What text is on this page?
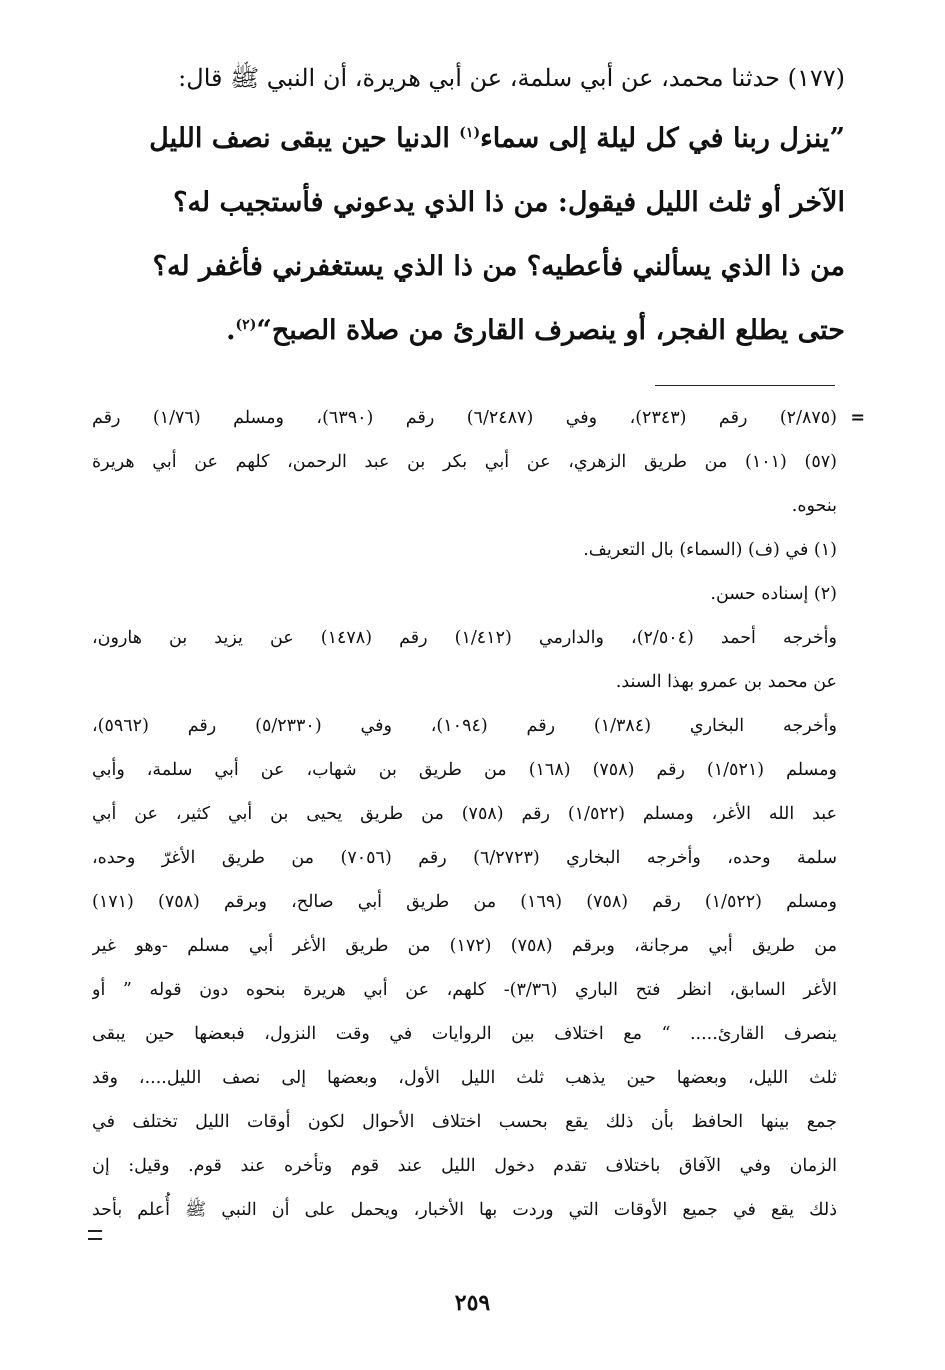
(١٧٧) حدثنا محمد، عن أبي سلمة، عن أبي هريرة، أن النبي ﷺ قال:
”ينزل ربنا في كل ليلة إلى سماء$^{(١)}$ الدنيا حين يبقى نصف الليل
الآخر أو ثلث الليل فيقول: من ذا الذي يدعوني فأستجيب له؟
من ذا الذي يسألني فأعطيه؟ من ذا الذي يستغفرني فأغفر له؟
حتى يطلع الفجر، أو ينصرف القارئ من صلاة الصبح“$^{(٢)}$.
=
(٢/٨٧٥) رقم (٢٣٤٣)، وفي (٦/٢٤٨٧) رقم (٦٣٩٠)، ومسلم (١/٧٦) رقم
(٥٧) (١٠١) من طريق الزهري، عن أبي بكر بن عبد الرحمن، كلهم عن أبي هريرة
بنحوه.
(١) في (ف) (السماء) بال التعريف.
(٢) إسناده حسن.
وأخرجه أحمد (٢/٥٠٤)، والدارمي (١/٤١٢) رقم (١٤٧٨) عن يزيد بن هارون،
عن محمد بن عمرو بهذا السند.
وأخرجه البخاري (١/٣٨٤) رقم (١٠٩٤)، وفي (٥/٢٣٣٠) رقم (٥٩٦٢)،
ومسلم (١/٥٢١) رقم (٧٥٨) (١٦٨) من طريق بن شهاب، عن أبي سلمة، وأبي
عبد الله الأغر، ومسلم (١/٥٢٢) رقم (٧٥٨) من طريق يحيى بن أبي كثير، عن أبي
سلمة وحده، وأخرجه البخاري (٦/٢٧٢٣) رقم (٧٠٥٦) من طريق الأغرّ وحده،
ومسلم (١/٥٢٢) رقم (٧٥٨) (١٦٩) من طريق أبي صالح، وبرقم (٧٥٨) (١٧١)
من طريق أبي مرجانة، وبرقم (٧٥٨) (١٧٢) من طريق الأغر أبي مسلم -وهو غير
الأغر السابق، انظر فتح الباري (٣/٣٦)- كلهم، عن أبي هريرة بنحوه دون قوله ” أو
ينصرف القارئ..... “ مع اختلاف بين الروايات في وقت النزول، فبعضها حين يبقى
ثلث الليل، وبعضها حين يذهب ثلث الليل الأول، وبعضها إلى نصف الليل....، وقد
جمع بينها الحافظ بأن ذلك يقع بحسب اختلاف الأحوال لكون أوقات الليل تختلف في
الزمان وفي الآفاق باختلاف تقدم دخول الليل عند قوم وتأخره عند قوم. وقيل: إن
ذلك يقع في جميع الأوقات التي وردت بها الأخبار، ويحمل على أن النبي ﷺ أُعلم بأحد
٢٥٩
